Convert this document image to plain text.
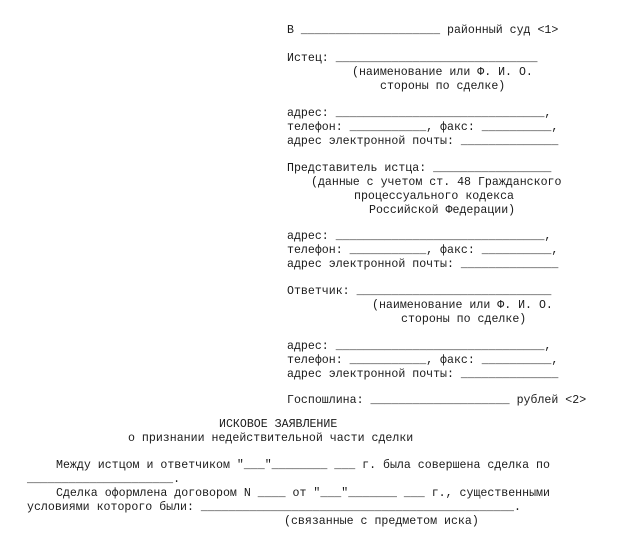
В ____________________ районный суд <1>
Истец: _____________________________
(наименование или Ф. И. О.
стороны по сделке)
адрес: ______________________________,
телефон: ___________, факс: __________,
адрес электронной почты: ______________
Представитель истца: _________________
(данные с учетом ст. 48 Гражданского
процессуального кодекса
Российской Федерации)
адрес: ______________________________,
телефон: ___________, факс: __________,
адрес электронной почты: ______________
Ответчик: ____________________________
(наименование или Ф. И. О.
стороны по сделке)
адрес: ______________________________,
телефон: ___________, факс: __________,
адрес электронной почты: ______________
Госпошлина: ____________________ рублей <2>
ИСКОВОЕ ЗАЯВЛЕНИЕ
о признании недействительной части сделки
Между истцом и ответчиком "___"________ ___ г. была совершена сделка по
_____________________.
Сделка оформлена договором N ____ от "___"_______ ___ г., существенными
условиями которого были: _____________________________________________.
(связанные с предметом иска)
